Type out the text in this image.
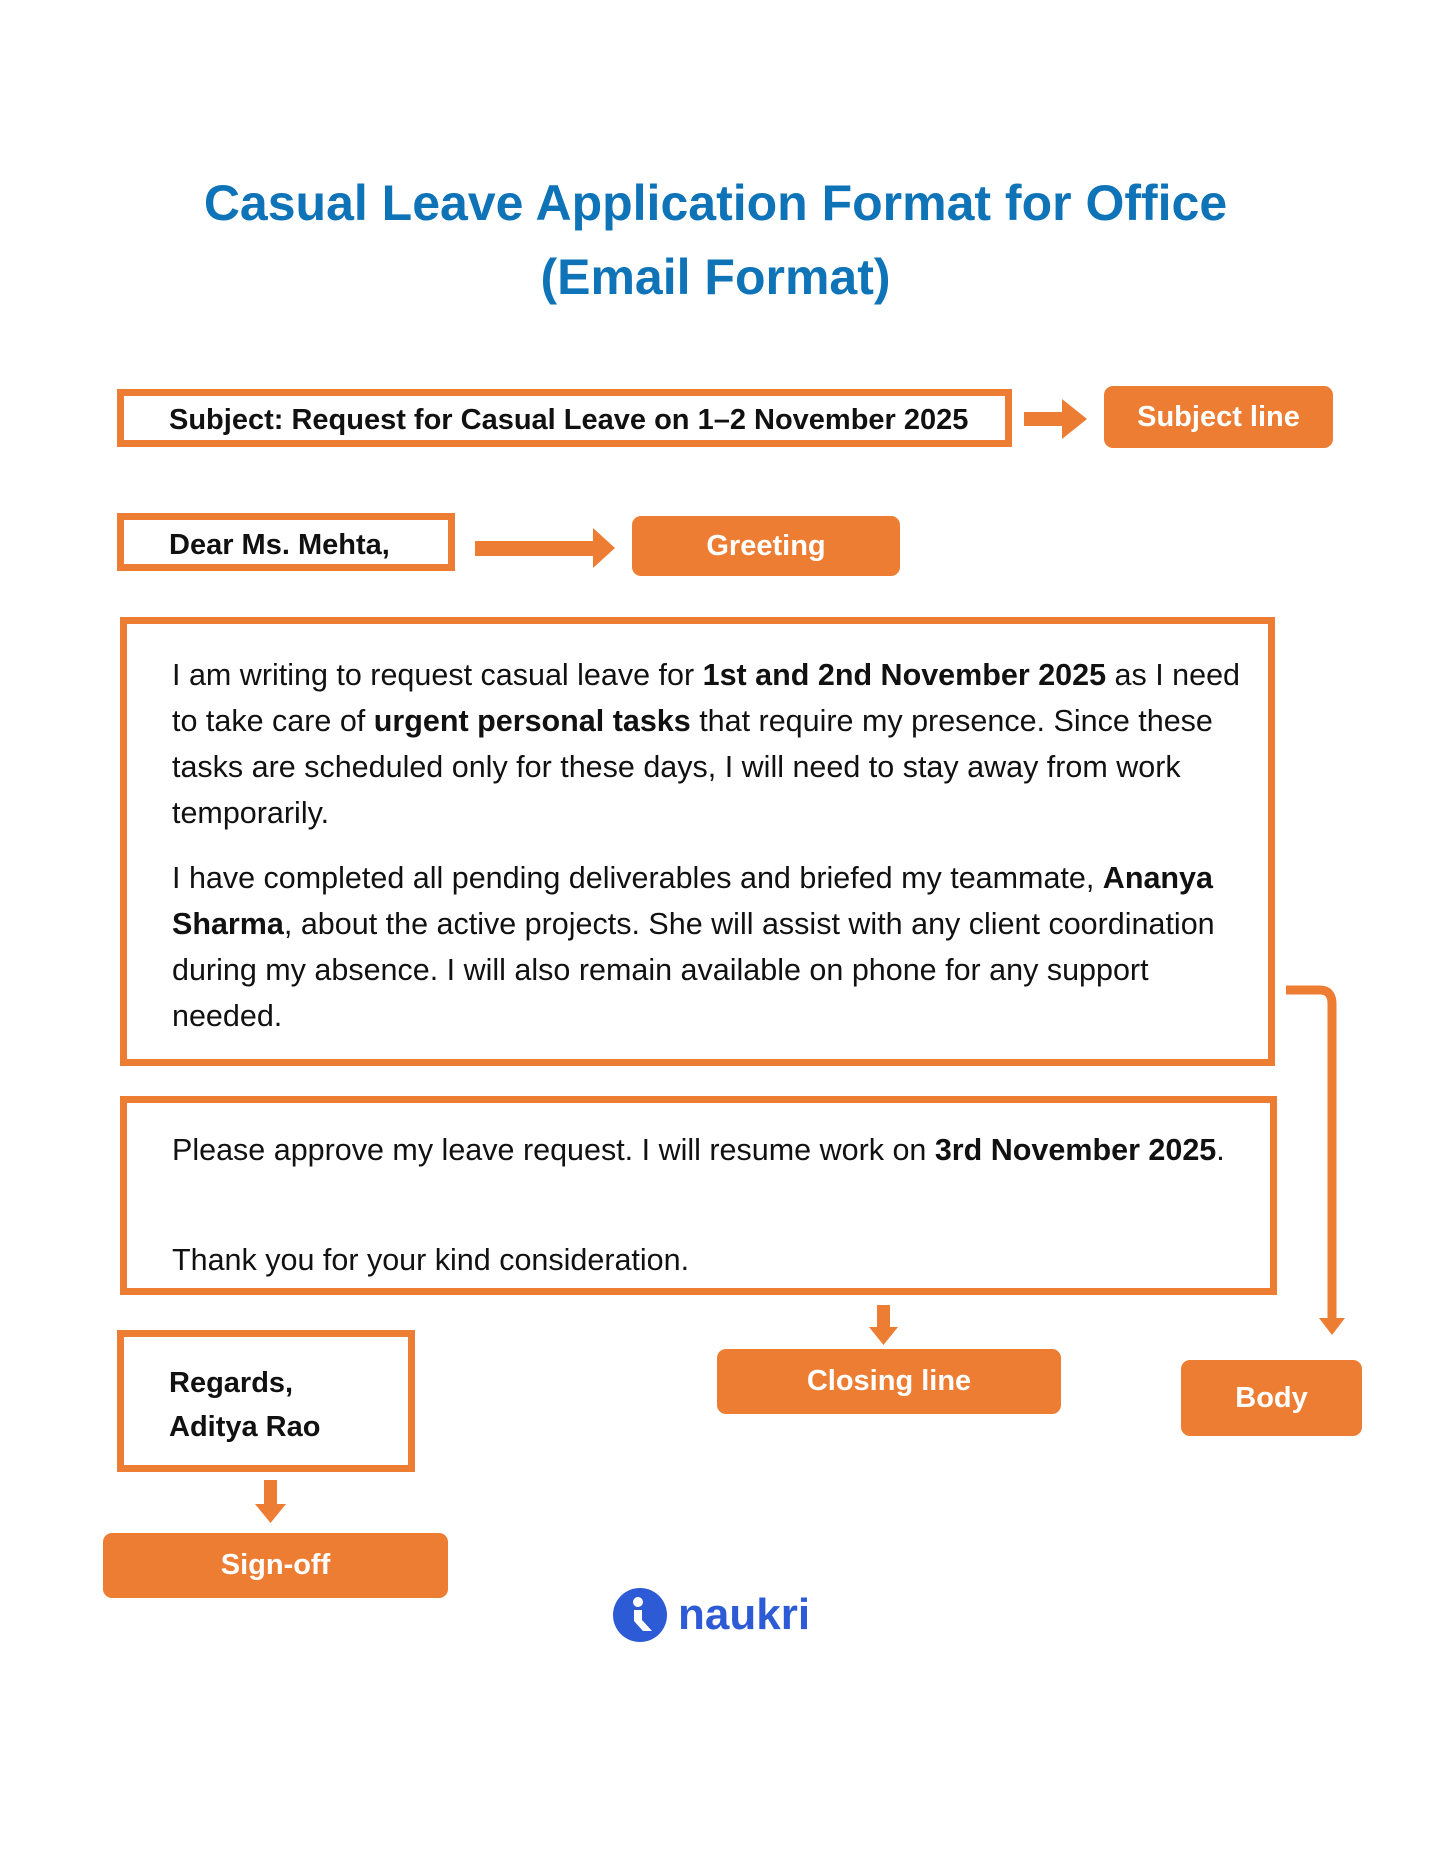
Casual Leave Application Format for Office
(Email Format)
Subject: Request for Casual Leave on 1–2 November 2025	Subject line
Dear Ms. Mehta,	Greeting
I am writing to request casual leave for 1st and 2nd November 2025 as I need to take care of urgent personal tasks that require my presence. Since these tasks are scheduled only for these days, I will need to stay away from work temporarily.
I have completed all pending deliverables and briefed my teammate, Ananya Sharma, about the active projects. She will assist with any client coordination during my absence. I will also remain available on phone for any support needed.
Please approve my leave request. I will resume work on 3rd November 2025.
Thank you for your kind consideration.
Regards,
Aditya Rao
Closing line
Body
Sign-off
naukri
